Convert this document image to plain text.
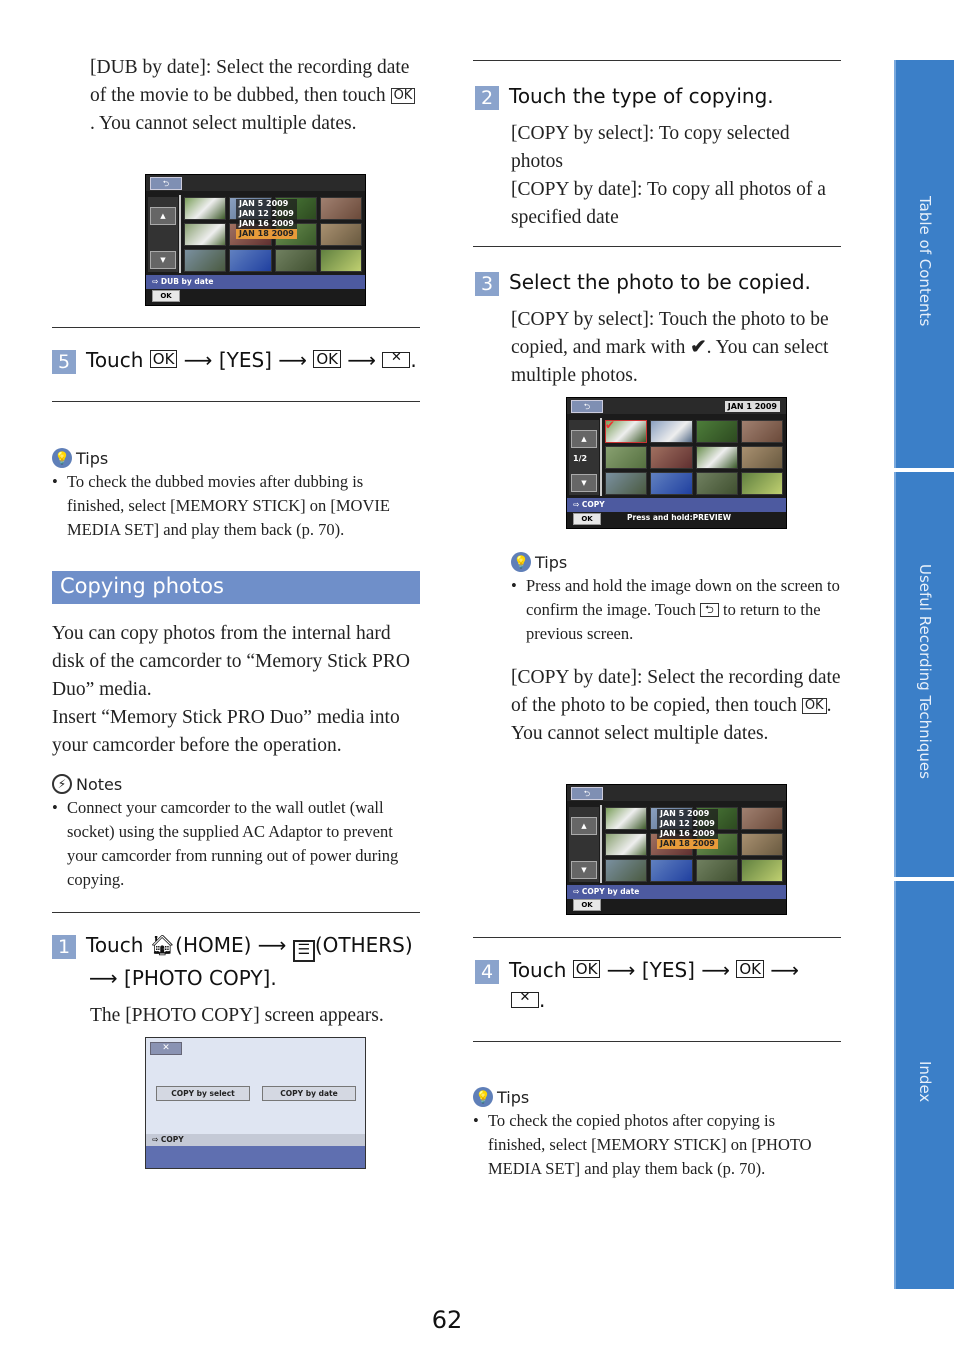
[DUB by date]: Select the recording date of the movie to be dubbed, then touch OK. You cannot select multiple dates.
⮌
▲
▼
JAN 5 2009
JAN 12 2009
JAN 16 2009
JAN 18 2009
⇨ DUB by date
OK
5 Touch OK ⟶ [YES] ⟶ OK ⟶ ✕ .
💡 Tips
• To check the dubbed movies after dubbing is finished, select [MEMORY STICK] on [MOVIE MEDIA SET] and play them back (p. 70).
Copying photos
You can copy photos from the internal hard disk of the camcorder to “Memory Stick PRO Duo” media.
Insert “Memory Stick PRO Duo” media into your camcorder before the operation.
⚡ Notes
• Connect your camcorder to the wall outlet (wall socket) using the supplied AC Adaptor to prevent your camcorder from running out of power during copying.
1 Touch 🏠︎(HOME) ⟶ ☰ (OTHERS)
⟶ [PHOTO COPY].
The [PHOTO COPY] screen appears.
✕
COPY by select	COPY by date
⇨ COPY
2 Touch the type of copying.
[COPY by select]: To copy selected photos
[COPY by date]: To copy all photos of a specified date
3 Select the photo to be copied.
[COPY by select]: Touch the photo to be copied, and mark with ✔. You can select multiple photos.
⮌	JAN 1 2009
▲
1/2
▼
✔
⇨ COPY
OK	Press and hold:PREVIEW
💡 Tips
• Press and hold the image down on the screen to confirm the image. Touch ⮌ to return to the previous screen.
[COPY by date]: Select the recording date of the photo to be copied, then touch OK . You cannot select multiple dates.
⮌
▲
▼
JAN 5 2009
JAN 12 2009
JAN 16 2009
JAN 18 2009
⇨ COPY by date
OK
4 Touch OK ⟶ [YES] ⟶ OK ⟶
✕.
💡 Tips
• To check the copied photos after copying is finished, select [MEMORY STICK] on [PHOTO MEDIA SET] and play them back (p. 70).
62
Table of Contents
Useful Recording Techniques
Index
